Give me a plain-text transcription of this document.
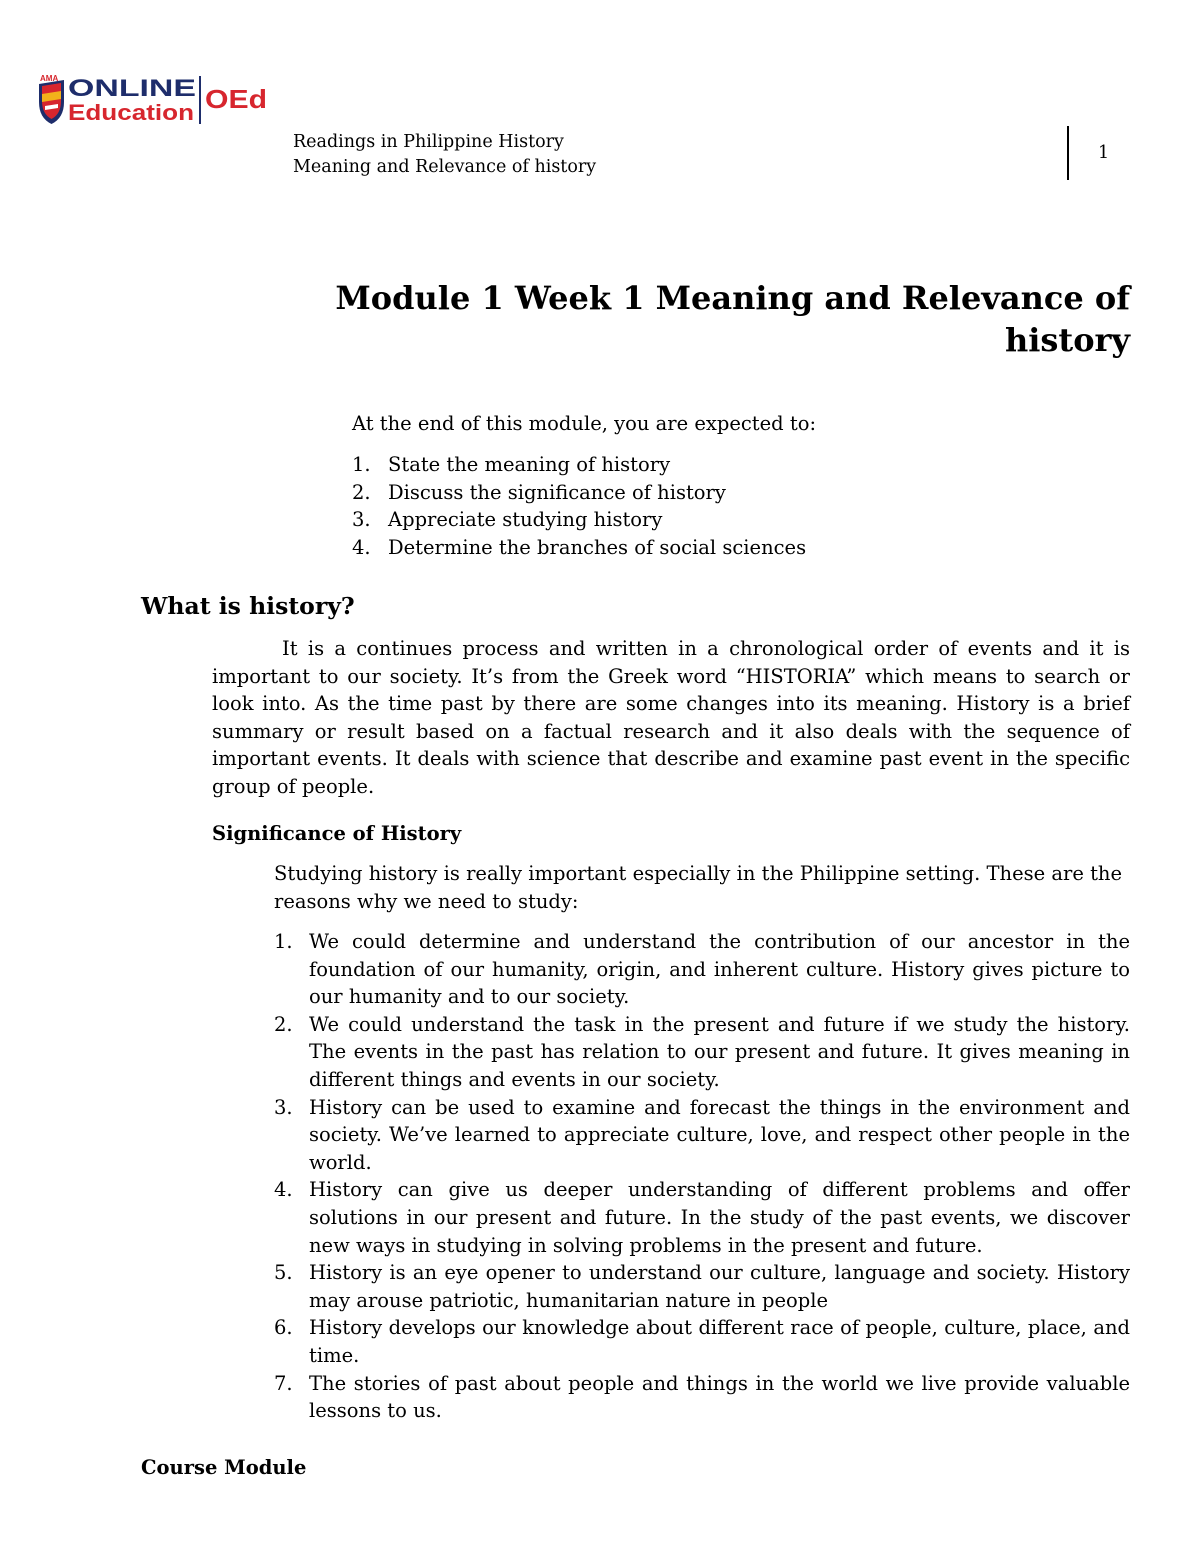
AMA ONLINE
Education OEd
Readings in Philippine History
Meaning and Relevance of history
1
Module 1 Week 1 Meaning and Relevance of
history
At the end of this module, you are expected to:
1. State the meaning of history
2. Discuss the significance of history
3. Appreciate studying history
4. Determine the branches of social sciences
What is history?

It is a continues process and written in a chronological order of events and it is important to our society. It’s from the Greek word “HISTORIA” which means to search or look into. As the time past by there are some changes into its meaning. History is a brief summary or result based on a factual research and it also deals with the sequence of important events. It deals with science that describe and examine past event in the specific group of people.

Significance of History

Studying history is really important especially in the Philippine setting. These are the reasons why we need to study:

1. We could determine and understand the contribution of our ancestor in the foundation of our humanity, origin, and inherent culture. History gives picture to our humanity and to our society.
2. We could understand the task in the present and future if we study the history. The events in the past has relation to our present and future. It gives meaning in different things and events in our society.
3. History can be used to examine and forecast the things in the environment and society. We’ve learned to appreciate culture, love, and respect other people in the world.
4. History can give us deeper understanding of different problems and offer solutions in our present and future. In the study of the past events, we discover new ways in studying in solving problems in the present and future.
5. History is an eye opener to understand our culture, language and society. History may arouse patriotic, humanitarian nature in people
6. History develops our knowledge about different race of people, culture, place, and time.
7. The stories of past about people and things in the world we live provide valuable lessons to us.
Course Module
